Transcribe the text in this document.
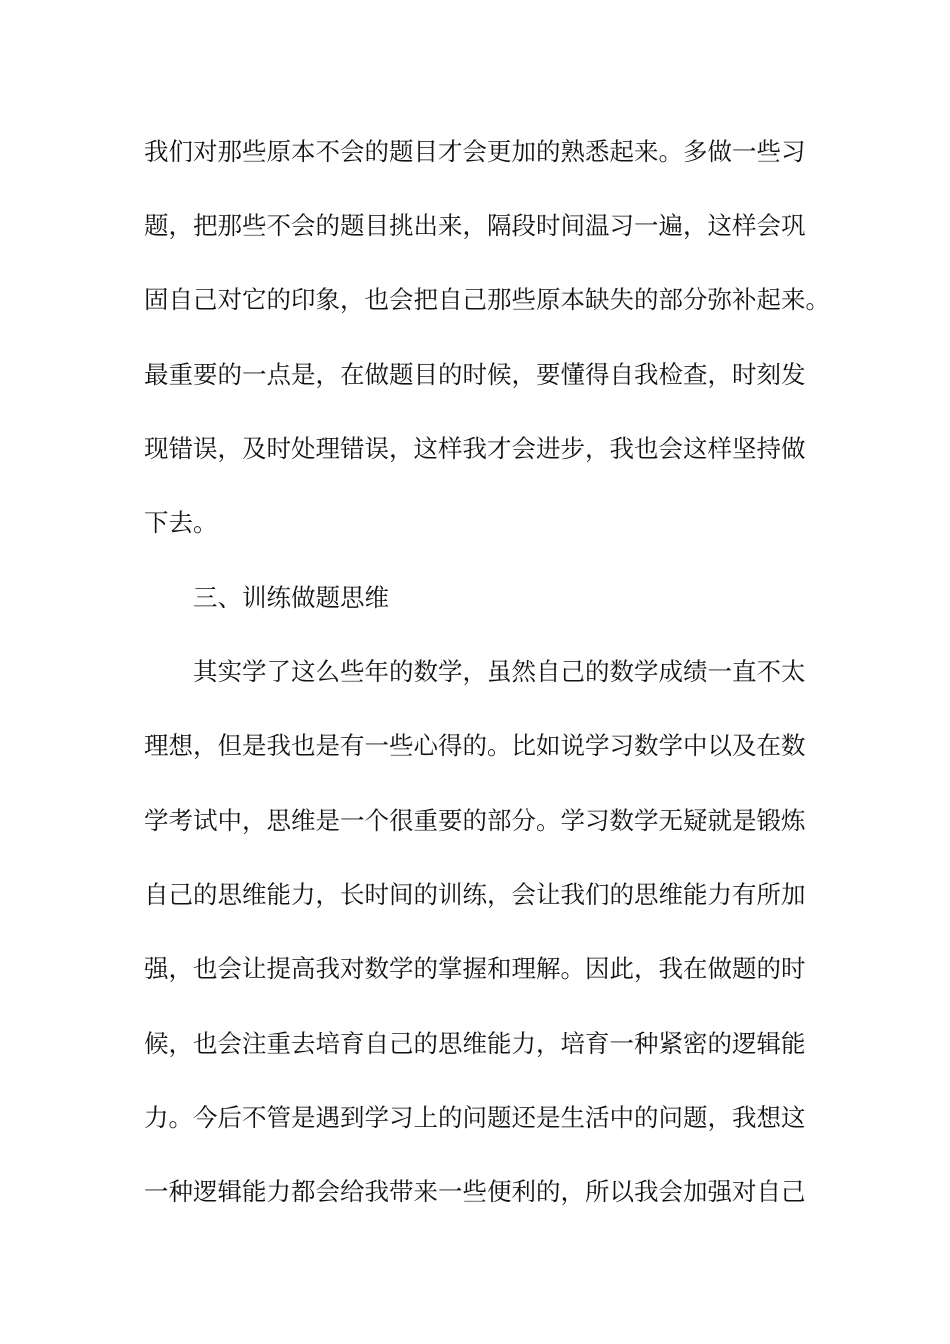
我们对那些原本不会的题目才会更加的熟悉起来。多做一些习
题，把那些不会的题目挑出来，隔段时间温习一遍，这样会巩
固自己对它的印象，也会把自己那些原本缺失的部分弥补起来。
最重要的一点是，在做题目的时候，要懂得自我检查，时刻发
现错误，及时处理错误，这样我才会进步，我也会这样坚持做
下去。
三、训练做题思维
其实学了这么些年的数学，虽然自己的数学成绩一直不太
理想，但是我也是有一些心得的。比如说学习数学中以及在数
学考试中，思维是一个很重要的部分。学习数学无疑就是锻炼
自己的思维能力，长时间的训练，会让我们的思维能力有所加
强，也会让提高我对数学的掌握和理解。因此，我在做题的时
候，也会注重去培育自己的思维能力，培育一种紧密的逻辑能
力。今后不管是遇到学习上的问题还是生活中的问题，我想这
一种逻辑能力都会给我带来一些便利的，所以我会加强对自己
